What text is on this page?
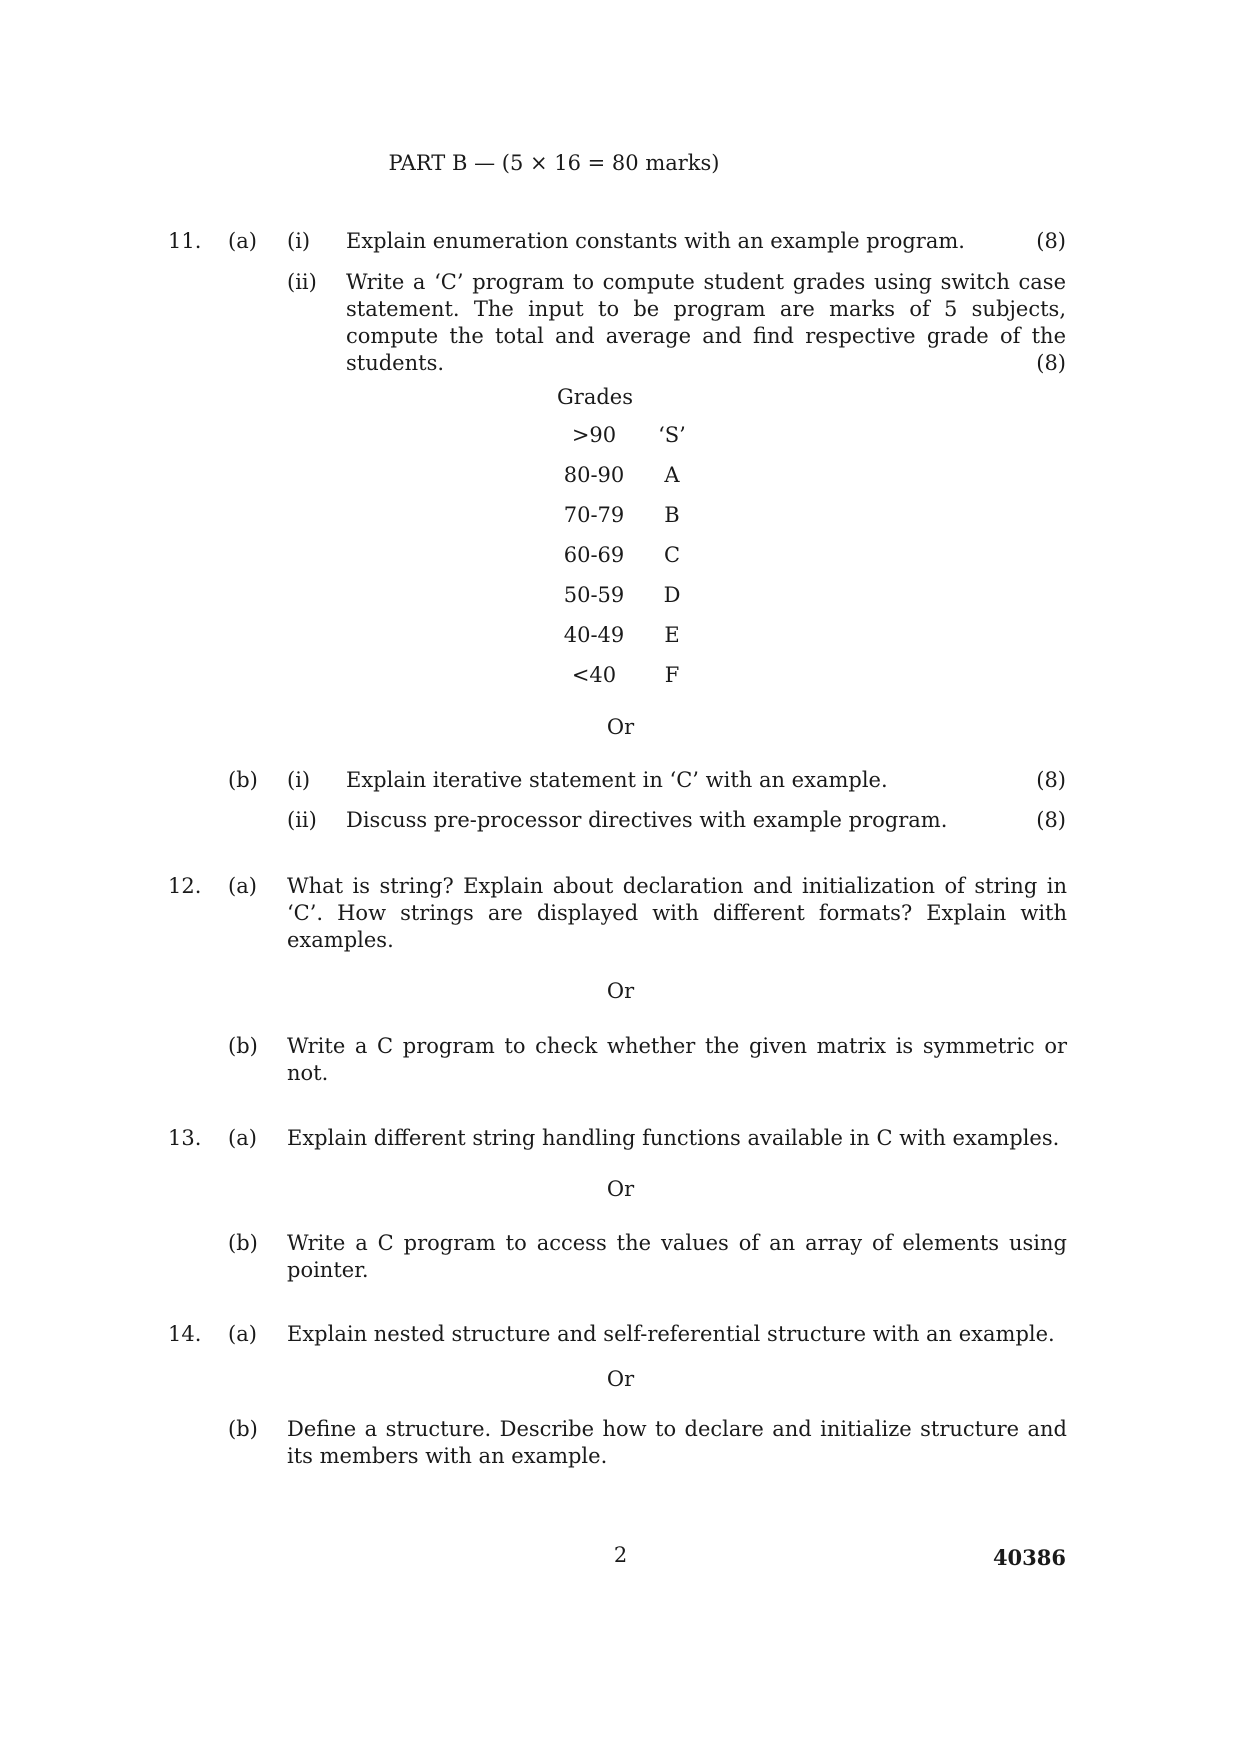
PART B — (5 × 16 = 80 marks)
11. (a) (i) Explain enumeration constants with an example program.	(8)
(ii) Write a ‘C’ program to compute student grades using switch case statement. The input to be program are marks of 5 subjects, compute the total and average and find respective grade of the students.	(8)
Grades
>90	‘S’
80-90	A
70-79	B
60-69	C
50-59	D
40-49	E
<40	F
Or
(b) (i) Explain iterative statement in ‘C’ with an example.	(8)
(ii) Discuss pre-processor directives with example program.	(8)
12. (a) What is string? Explain about declaration and initialization of string in ‘C’. How strings are displayed with different formats? Explain with examples.
Or
(b) Write a C program to check whether the given matrix is symmetric or not.
13. (a) Explain different string handling functions available in C with examples.
Or
(b) Write a C program to access the values of an array of elements using pointer.
14. (a) Explain nested structure and self-referential structure with an example.
Or
(b) Define a structure. Describe how to declare and initialize structure and its members with an example.
2	40386
